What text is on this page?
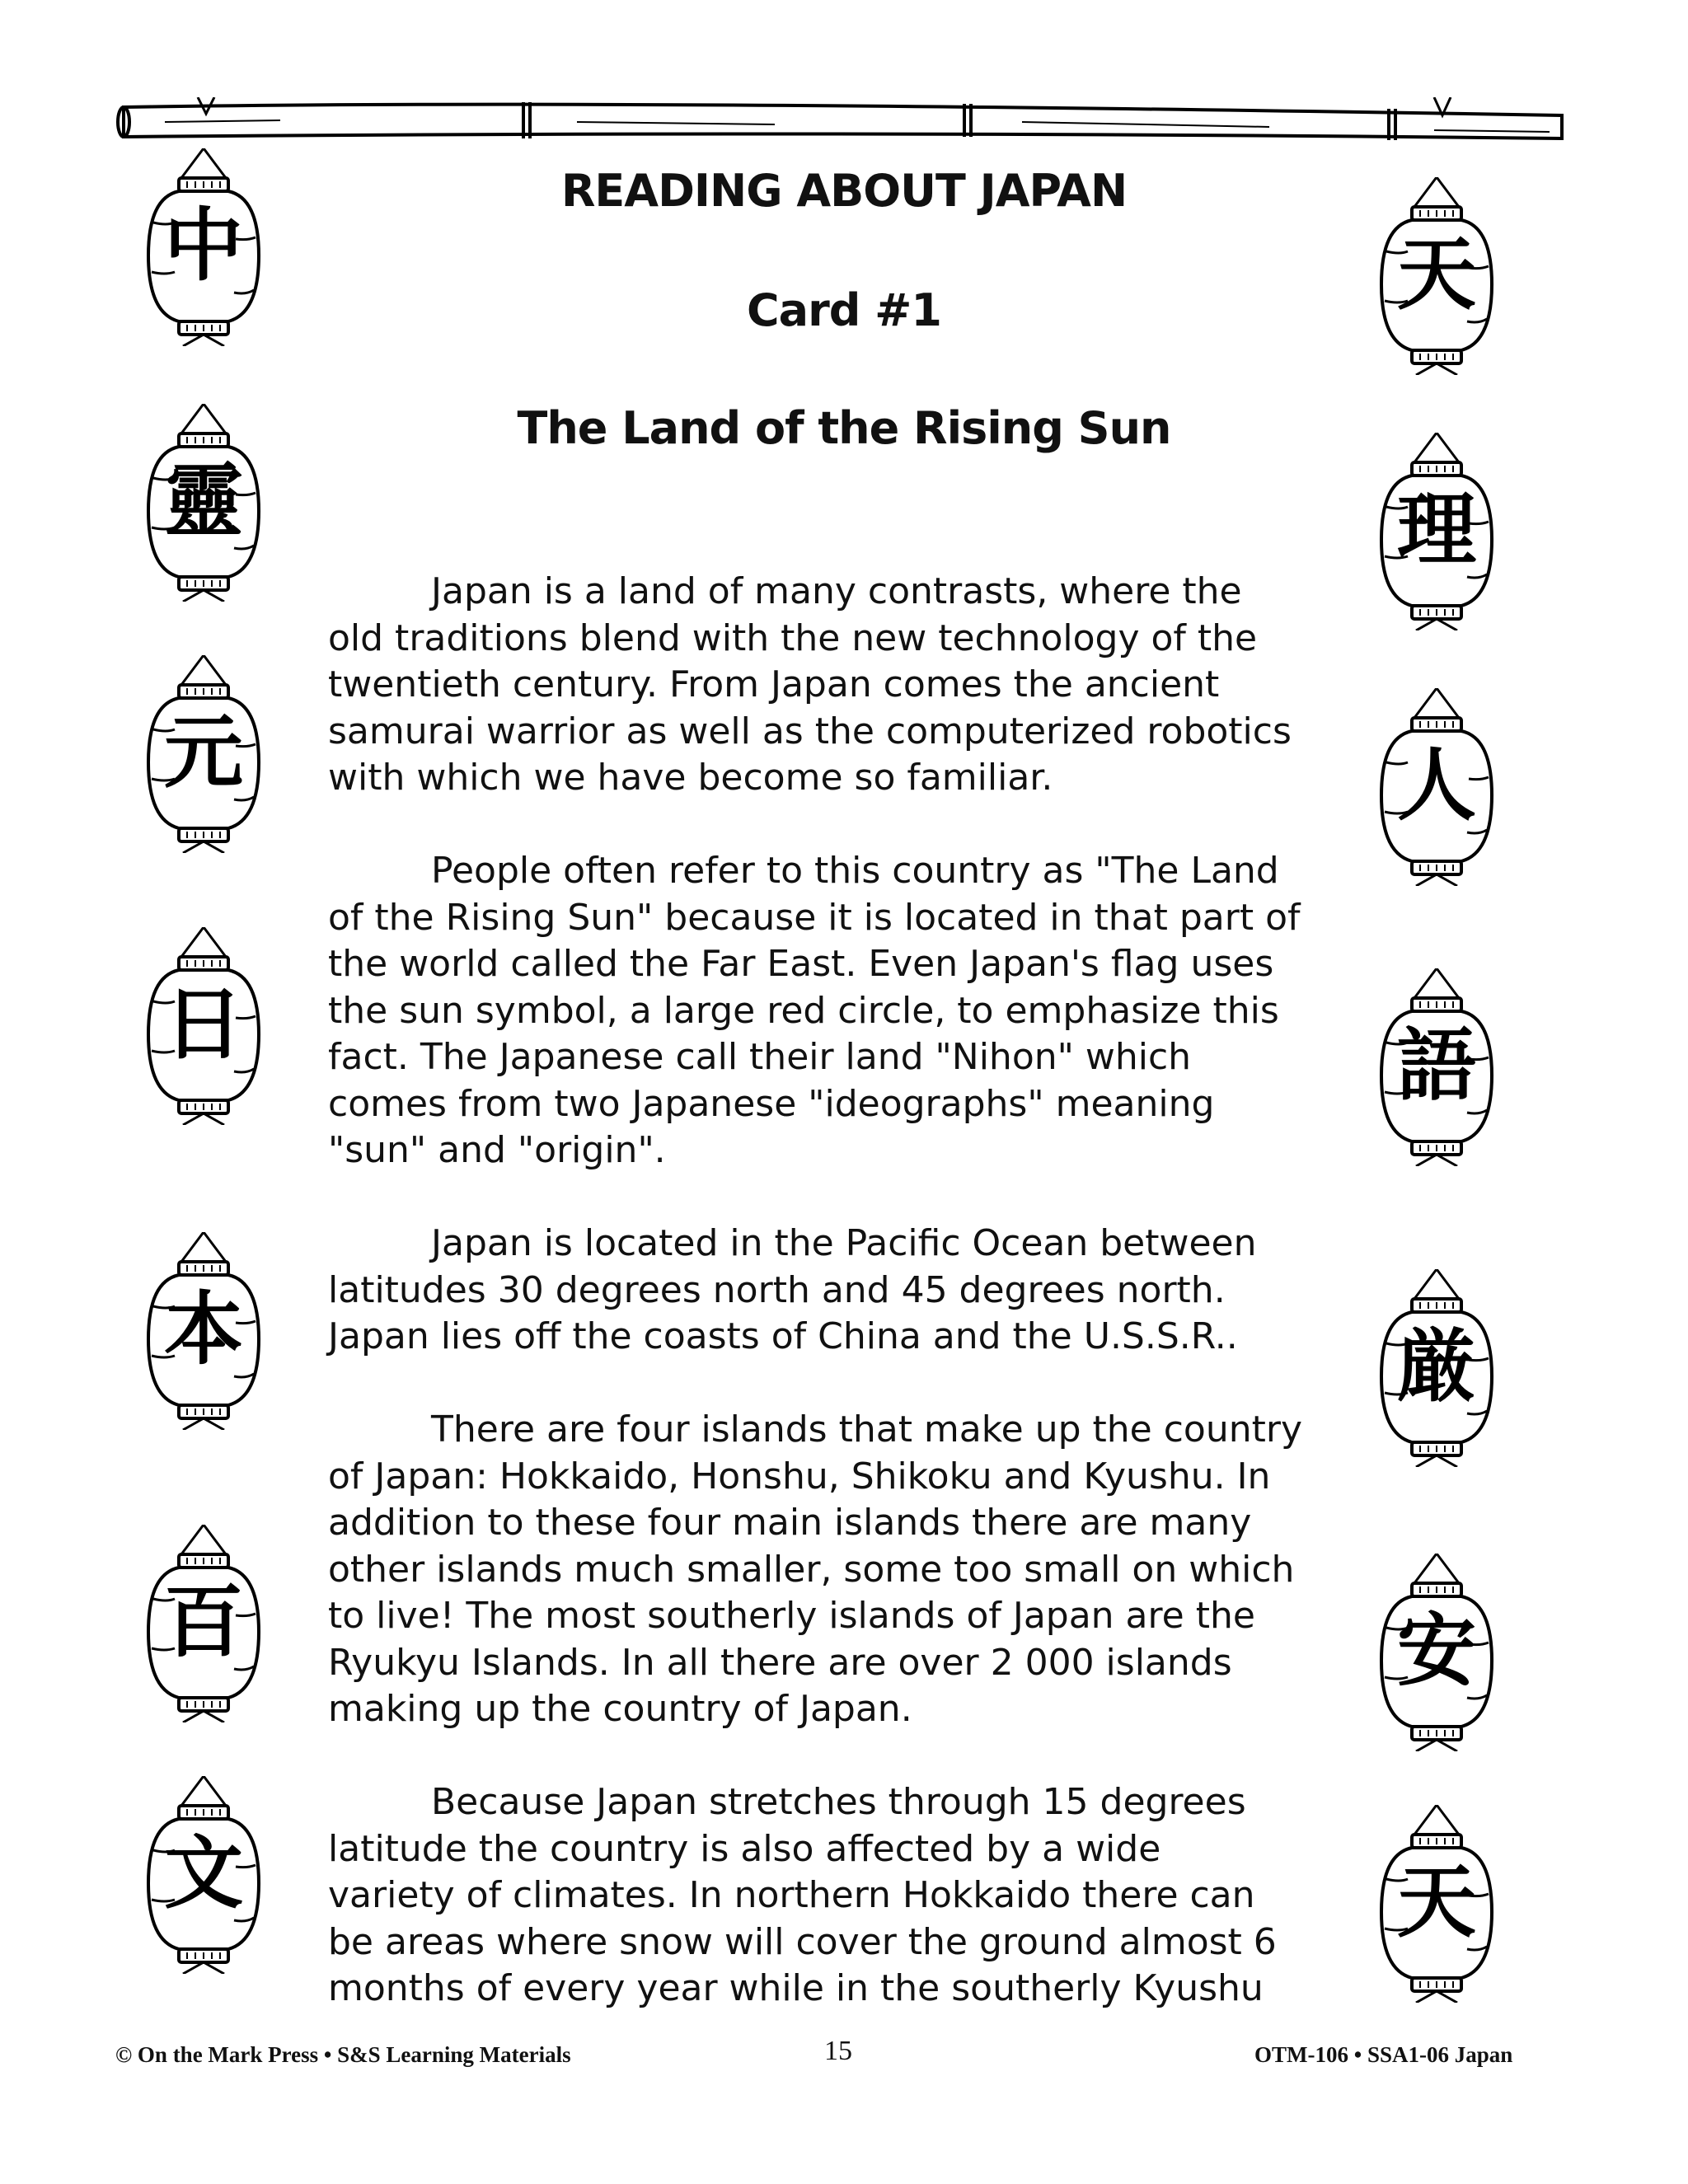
中
靈
元
日
本
百
文
天
理
人
語
厳
安
天
READING ABOUT JAPAN
Card #1
The Land of the Rising Sun
Japan is a land of many contrasts, where the
old traditions blend with the new technology of the
twentieth century. From Japan comes the ancient
samurai warrior as well as the computerized robotics
with which we have become so familiar.
People often refer to this country as "The Land
of the Rising Sun" because it is located in that part of
the world called the Far East. Even Japan's flag uses
the sun symbol, a large red circle, to emphasize this
fact. The Japanese call their land "Nihon" which
comes from two Japanese "ideographs" meaning
"sun" and "origin".
Japan is located in the Pacific Ocean between
latitudes 30 degrees north and 45 degrees north.
Japan lies off the coasts of China and the U.S.S.R..
There are four islands that make up the country
of Japan: Hokkaido, Honshu, Shikoku and Kyushu. In
addition to these four main islands there are many
other islands much smaller, some too small on which
to live! The most southerly islands of Japan are the
Ryukyu Islands. In all there are over 2 000 islands
making up the country of Japan.
Because Japan stretches through 15 degrees
latitude the country is also affected by a wide
variety of climates. In northern Hokkaido there can
be areas where snow will cover the ground almost 6
months of every year while in the southerly Kyushu
© On the Mark Press • S&S Learning Materials	15	OTM-106 • SSA1-06 Japan
